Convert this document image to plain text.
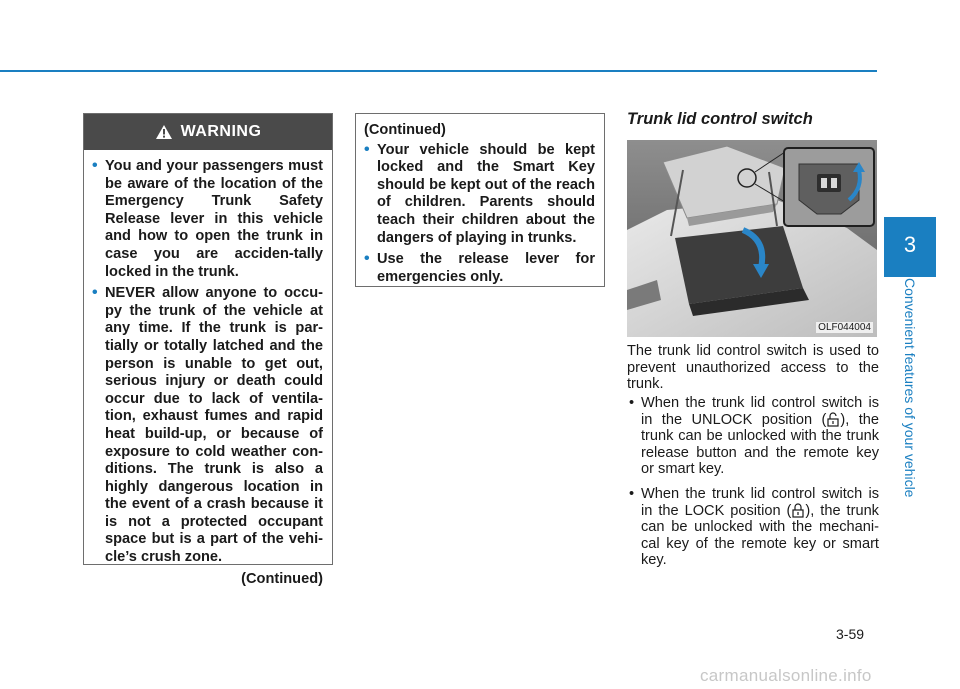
3
Convenient features of your vehicle
WARNING
• You and your passengers must be aware of the location of the Emergency Trunk Safety Release lever in this vehicle and how to open the trunk in case you are acciden-tally locked in the trunk.
• NEVER allow anyone to occu-py the trunk of the vehicle at any time. If the trunk is par-tially or totally latched and the person is unable to get out, serious injury or death could occur due to lack of ventila-tion, exhaust fumes and rapid heat build-up, or because of exposure to cold weather con-ditions. The trunk is also a highly dangerous location in the event of a crash because it is not a protected occupant space but is a part of the vehi-cle’s crush zone.
(Continued)
(Continued)
• Your vehicle should be kept locked and the Smart Key should be kept out of the reach of children. Parents should teach their children about the dangers of playing in trunks.
• Use the release lever for emergencies only.
Trunk lid control switch
OLF044004
The trunk lid control switch is used to prevent unauthorized access to the trunk.
• When the trunk lid control switch is in the UNLOCK position ( ), the trunk can be unlocked with the trunk release button and the remote key or smart key.
• When the trunk lid control switch is in the LOCK position ( ), the trunk can be unlocked with the mechani-cal key of the remote key or smart key.
3-59
carmanualsonline.info
